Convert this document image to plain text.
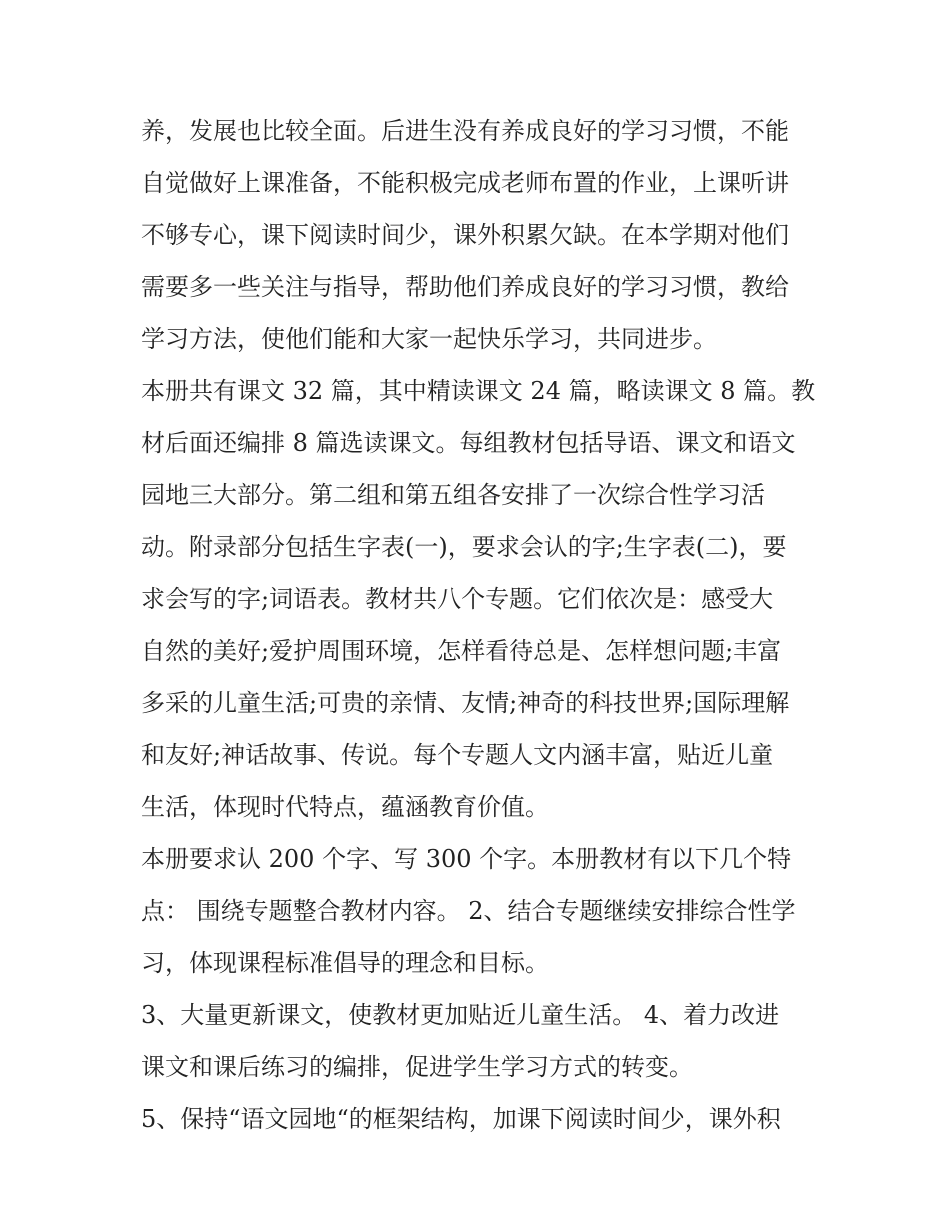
养，发展也比较全面。后进生没有养成良好的学习习惯，不能
自觉做好上课准备，不能积极完成老师布置的作业，上课听讲
不够专心，课下阅读时间少，课外积累欠缺。在本学期对他们
需要多一些关注与指导，帮助他们养成良好的学习习惯，教给
学习方法，使他们能和大家一起快乐学习，共同进步。
本册共有课文 32 篇，其中精读课文 24 篇，略读课文 8 篇。教
材后面还编排 8 篇选读课文。每组教材包括导语、课文和语文
园地三大部分。第二组和第五组各安排了一次综合性学习活
动。附录部分包括生字表(一)，要求会认的字;生字表(二)，要
求会写的字;词语表。教材共八个专题。它们依次是：感受大
自然的美好;爱护周围环境，怎样看待总是、怎样想问题;丰富
多采的儿童生活;可贵的亲情、友情;神奇的科技世界;国际理解
和友好;神话故事、传说。每个专题人文内涵丰富，贴近儿童
生活，体现时代特点，蕴涵教育价值。
本册要求认 200 个字、写 300 个字。本册教材有以下几个特
点： 围绕专题整合教材内容。 2、结合专题继续安排综合性学
习，体现课程标准倡导的理念和目标。
3、大量更新课文，使教材更加贴近儿童生活。 4、着力改进
课文和课后练习的编排，促进学生学习方式的转变。
5、保持“语文园地“的框架结构，加课下阅读时间少，课外积
